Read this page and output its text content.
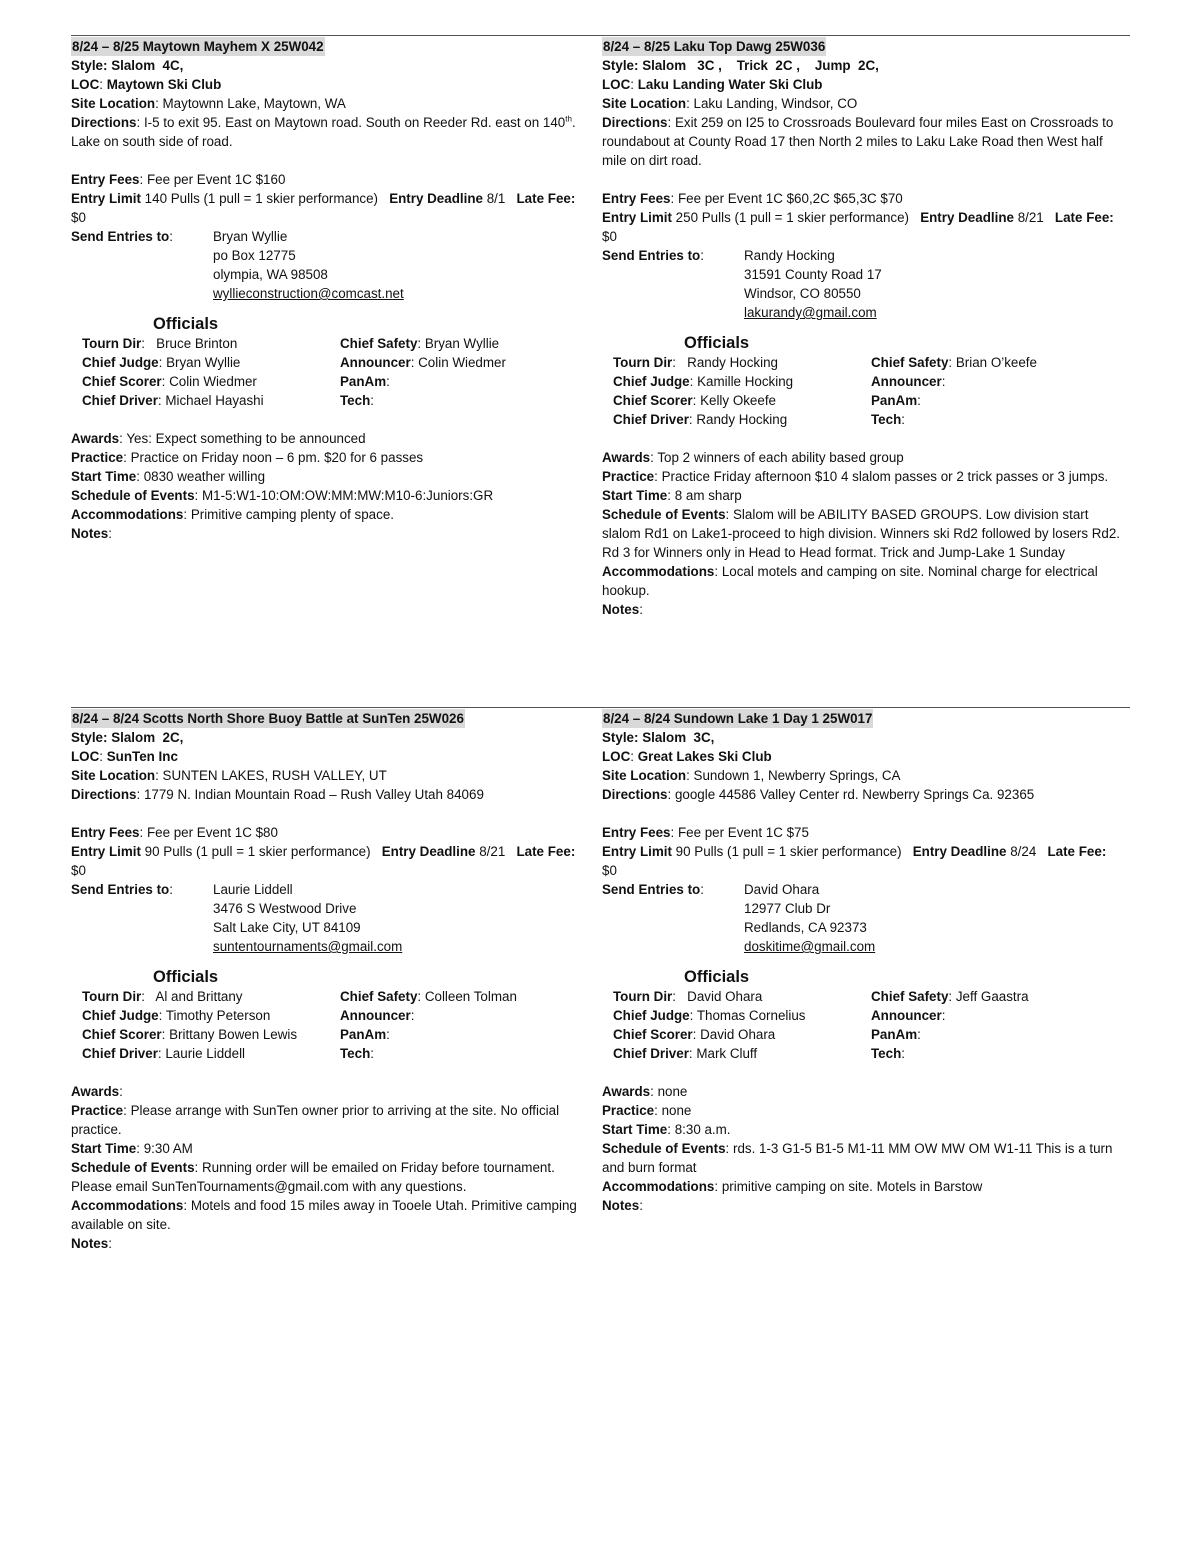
8/24 – 8/25 Maytown Mayhem X 25W042
Style: Slalom  4C,
LOC: Maytown Ski Club
Site Location: Maytownn Lake, Maytown, WA
Directions: I-5 to exit 95. East on Maytown road. South on Reeder Rd. east on 140th. Lake on south side of road.
Entry Fees: Fee per Event 1C $160
Entry Limit 140 Pulls (1 pull = 1 skier performance) Entry Deadline 8/1 Late Fee: $0
Send Entries to:	Bryan Wyllie
po Box 12775
olympia, WA 98508
wyllieconstruction@comcast.net
Officials
Tourn Dir:   Bruce Brinton	Chief Safety: Bryan Wyllie
Chief Judge: Bryan Wyllie	Announcer: Colin Wiedmer
Chief Scorer: Colin Wiedmer	PanAm:
Chief Driver: Michael Hayashi	Tech:
Awards: Yes: Expect something to be announced
Practice: Practice on Friday noon – 6 pm. $20 for 6 passes
Start Time: 0830 weather willing
Schedule of Events: M1-5:W1-10:OM:OW:MM:MW:M10-6:Juniors:GR
Accommodations: Primitive camping plenty of space.
Notes:
8/24 – 8/25 Laku Top Dawg 25W036
Style: Slalom   3C ,    Trick  2C ,    Jump  2C,
LOC: Laku Landing Water Ski Club
Site Location: Laku Landing, Windsor, CO
Directions: Exit 259 on I25 to Crossroads Boulevard four miles East on Crossroads to roundabout at County Road 17 then North 2 miles to Laku Lake Road then West half mile on dirt road.
Entry Fees: Fee per Event 1C $60,2C $65,3C $70
Entry Limit 250 Pulls (1 pull = 1 skier performance) Entry Deadline 8/21 Late Fee: $0
Send Entries to:	Randy Hocking
31591 County Road 17
Windsor, CO 80550
lakurandy@gmail.com
Officials
Tourn Dir:   Randy Hocking	Chief Safety: Brian O’keefe
Chief Judge: Kamille Hocking	Announcer:
Chief Scorer: Kelly Okeefe	PanAm:
Chief Driver: Randy Hocking	Tech:
Awards: Top 2 winners of each ability based group
Practice: Practice Friday afternoon $10 4 slalom passes or 2 trick passes or 3 jumps.
Start Time: 8 am sharp
Schedule of Events: Slalom will be ABILITY BASED GROUPS. Low division start slalom Rd1 on Lake1-proceed to high division. Winners ski Rd2 followed by losers Rd2. Rd 3 for Winners only in Head to Head format. Trick and Jump-Lake 1 Sunday
Accommodations: Local motels and camping on site. Nominal charge for electrical hookup.
Notes:
8/24 – 8/24 Scotts North Shore Buoy Battle at SunTen 25W026
Style: Slalom  2C,
LOC: SunTen Inc
Site Location: SUNTEN LAKES, RUSH VALLEY, UT
Directions: 1779 N. Indian Mountain Road – Rush Valley Utah 84069
Entry Fees: Fee per Event 1C $80
Entry Limit 90 Pulls (1 pull = 1 skier performance) Entry Deadline 8/21 Late Fee: $0
Send Entries to:	Laurie Liddell
3476 S Westwood Drive
Salt Lake City, UT 84109
suntentournaments@gmail.com
Officials
Tourn Dir:   Al and Brittany	Chief Safety: Colleen Tolman
Chief Judge: Timothy Peterson	Announcer:
Chief Scorer: Brittany Bowen Lewis	PanAm:
Chief Driver: Laurie Liddell	Tech:
Awards:
Practice: Please arrange with SunTen owner prior to arriving at the site. No official practice.
Start Time: 9:30 AM
Schedule of Events: Running order will be emailed on Friday before tournament. Please email SunTenTournaments@gmail.com with any questions.
Accommodations: Motels and food 15 miles away in Tooele Utah. Primitive camping available on site.
Notes:
8/24 – 8/24 Sundown Lake 1 Day 1 25W017
Style: Slalom  3C,
LOC: Great Lakes Ski Club
Site Location: Sundown 1, Newberry Springs, CA
Directions: google 44586 Valley Center rd. Newberry Springs Ca. 92365
Entry Fees: Fee per Event 1C $75
Entry Limit 90 Pulls (1 pull = 1 skier performance) Entry Deadline 8/24 Late Fee: $0
Send Entries to:	David Ohara
12977 Club Dr
Redlands, CA 92373
doskitime@gmail.com
Officials
Tourn Dir:   David Ohara	Chief Safety: Jeff Gaastra
Chief Judge: Thomas Cornelius	Announcer:
Chief Scorer: David Ohara	PanAm:
Chief Driver: Mark Cluff	Tech:
Awards: none
Practice: none
Start Time: 8:30 a.m.
Schedule of Events: rds. 1-3 G1-5 B1-5 M1-11 MM OW MW OM W1-11 This is a turn and burn format
Accommodations: primitive camping on site. Motels in Barstow
Notes:
